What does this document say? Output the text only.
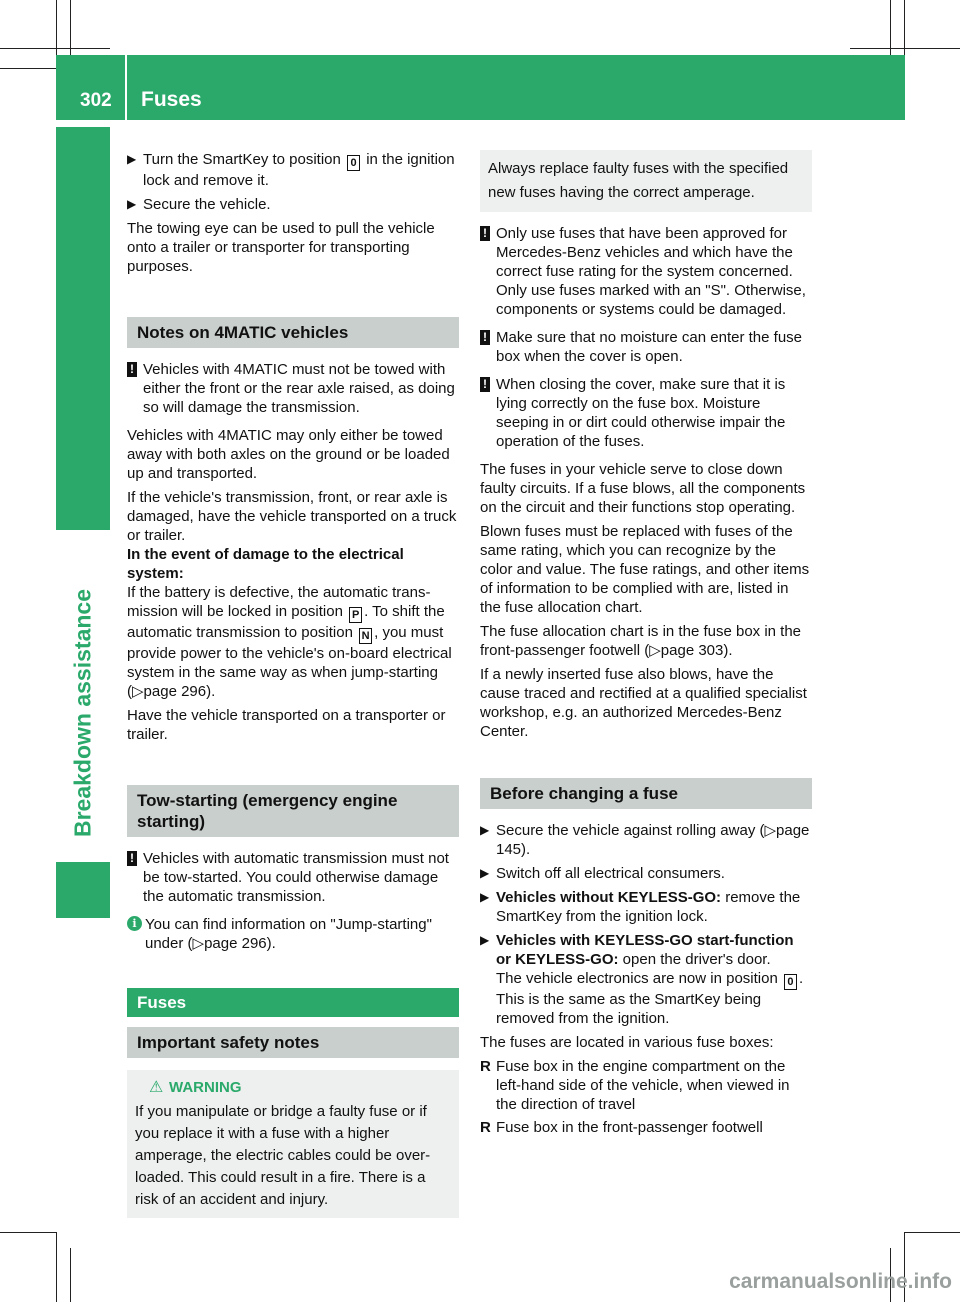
302 Fuses
Breakdown assistance
▶ Turn the SmartKey to position 0 in the ignition lock and remove it.
▶ Secure the vehicle.

The towing eye can be used to pull the vehicle onto a trailer or transporter for transporting purposes.

Notes on 4MATIC vehicles
! Vehicles with 4MATIC must not be towed with either the front or the rear axle raised, as doing so will damage the transmission.

Vehicles with 4MATIC may only either be towed away with both axles on the ground or be loaded up and transported.

If the vehicle's transmission, front, or rear axle is damaged, have the vehicle transported on a truck or trailer.

In the event of damage to the electrical system:

If the battery is defective, the automatic transmission will be locked in position P . To shift the automatic transmission to position N , you must provide power to the vehicle's on-board electrical system in the same way as when jump-starting (▷page 296).

Have the vehicle transported on a transporter or trailer.

Tow-starting (emergency engine starting)
! Vehicles with automatic transmission must not be tow-started. You could otherwise damage the automatic transmission.
i You can find information on "Jump-starting" under (▷page 296).
Fuses
Important safety notes
⚠ WARNING
If you manipulate or bridge a faulty fuse or if you replace it with a fuse with a higher amperage, the electric cables could be overloaded. This could result in a fire. There is a risk of an accident and injury.
Always replace faulty fuses with the specified new fuses having the correct amperage.
! Only use fuses that have been approved for Mercedes-Benz vehicles and which have the correct fuse rating for the system concerned. Only use fuses marked with an "S". Otherwise, components or systems could be damaged.
! Make sure that no moisture can enter the fuse box when the cover is open.
! When closing the cover, make sure that it is lying correctly on the fuse box. Moisture seeping in or dirt could otherwise impair the operation of the fuses.

The fuses in your vehicle serve to close down faulty circuits. If a fuse blows, all the components on the circuit and their functions stop operating.

Blown fuses must be replaced with fuses of the same rating, which you can recognize by the color and value. The fuse ratings, and other items of information to be complied with are, listed in the fuse allocation chart.

The fuse allocation chart is in the fuse box in the front-passenger footwell (▷page 303).

If a newly inserted fuse also blows, have the cause traced and rectified at a qualified specialist workshop, e.g. an authorized Mercedes-Benz Center.

Before changing a fuse
▶ Secure the vehicle against rolling away (▷page 145).
▶ Switch off all electrical consumers.
▶ Vehicles without KEYLESS-GO: remove the SmartKey from the ignition lock.
▶ Vehicles with KEYLESS-GO start-function or KEYLESS-GO: open the driver's door.

The vehicle electronics are now in position 0 . This is the same as the SmartKey being removed from the ignition.

The fuses are located in various fuse boxes:

R Fuse box in the engine compartment on the left-hand side of the vehicle, when viewed in the direction of travel
R Fuse box in the front-passenger footwell
carmanualsonline.info
